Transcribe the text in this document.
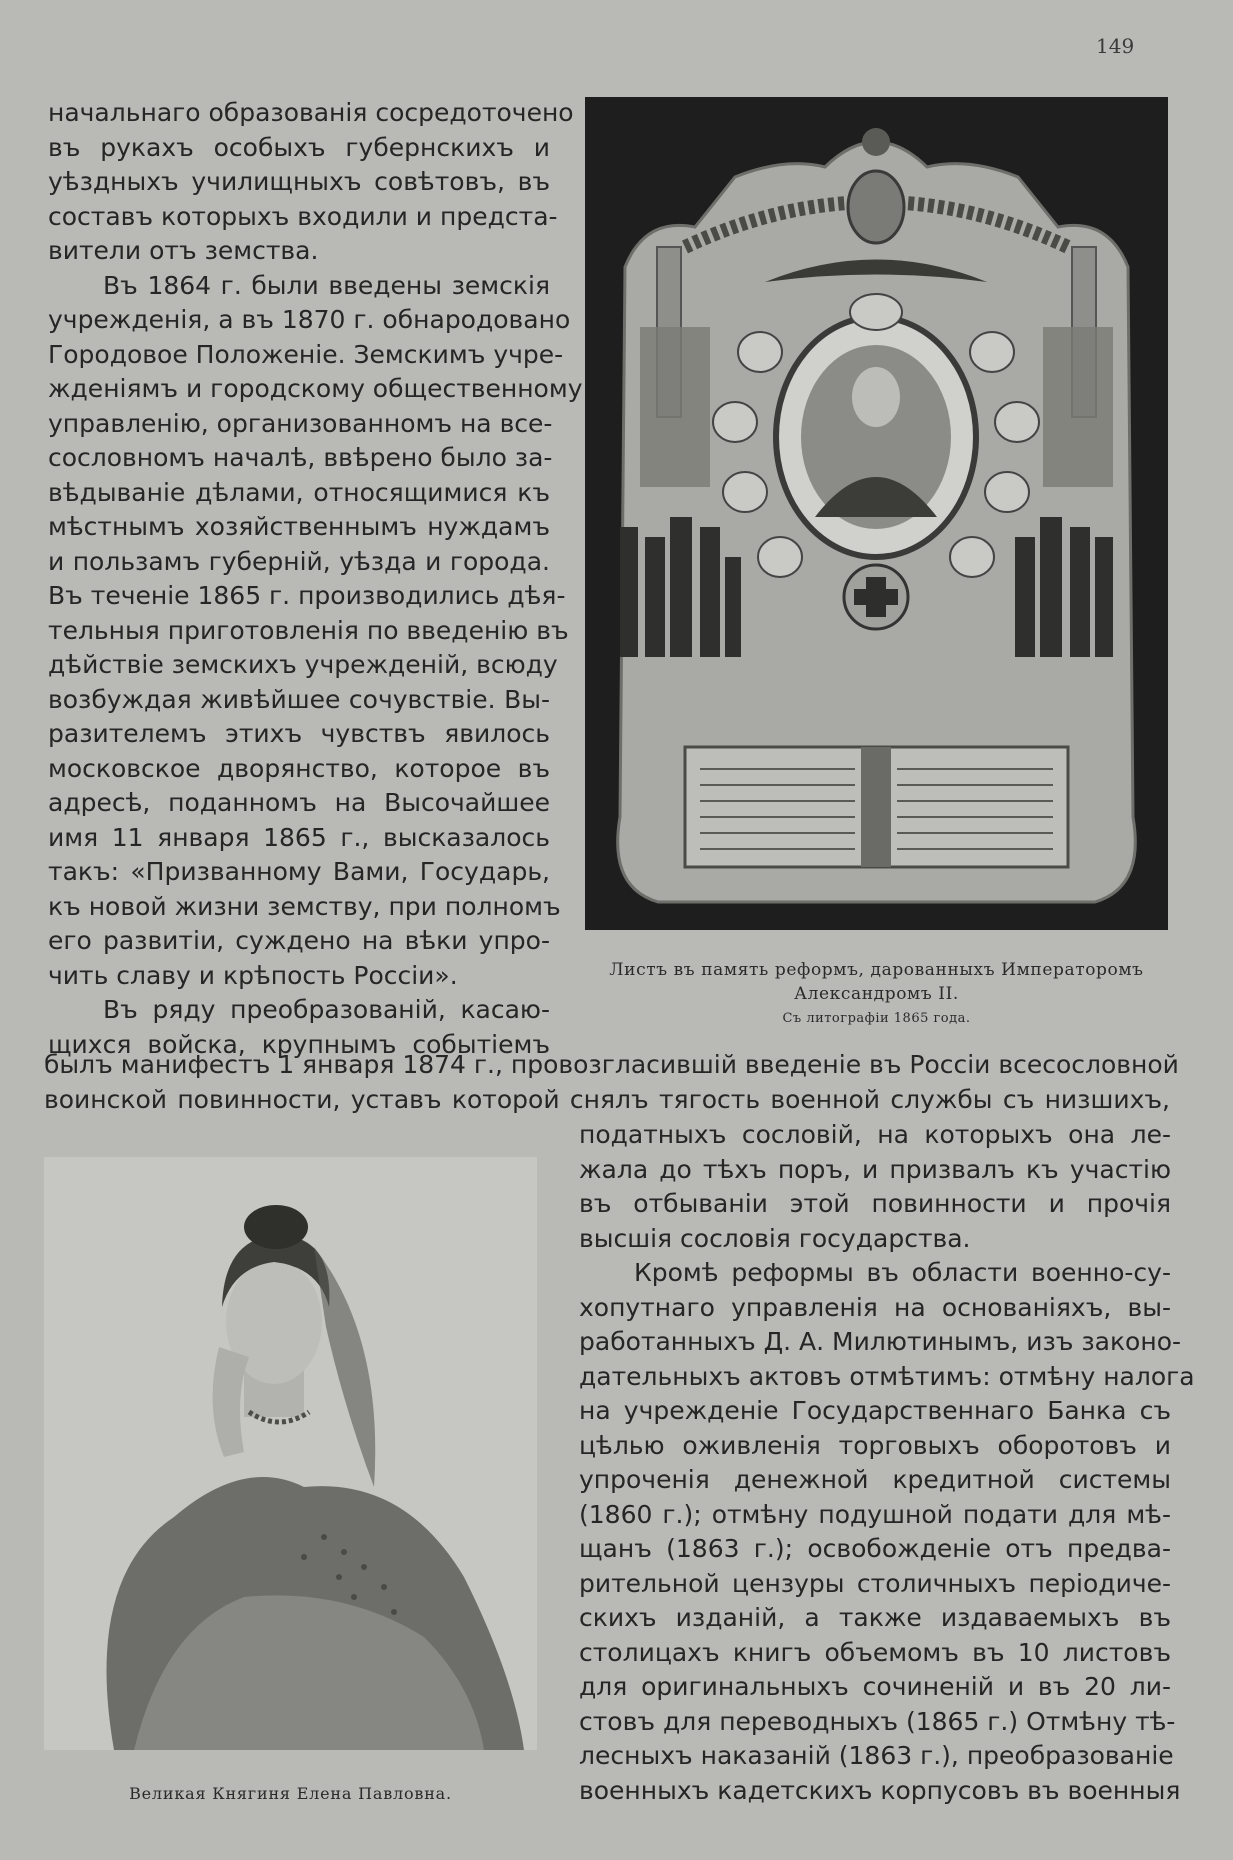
149
начальнаго образованія сосредоточено
въ рукахъ особыхъ губернскихъ и
уѣздныхъ училищныхъ совѣтовъ, въ
составъ которыхъ входили и предста-
вители отъ земства.
Въ 1864 г. были введены земскія
учрежденія, а въ 1870 г. обнародовано
Городовое Положеніе. Земскимъ учре-
жденіямъ и городскому общественному
управленію, организованномъ на все-
сословномъ началѣ, ввѣрено было за-
вѣдываніе дѣлами, относящимися къ
мѣстнымъ хозяйственнымъ нуждамъ
и пользамъ губерній, уѣзда и города.
Въ теченіе 1865 г. производились дѣя-
тельныя приготовленія по введенію въ
дѣйствіе земскихъ учрежденій, всюду
возбуждая живѣйшее сочувствіе. Вы-
разителемъ этихъ чувствъ явилось
московское дворянство, которое въ
адресѣ, поданномъ на Высочайшее
имя 11 января 1865 г., высказалось
такъ: «Призванному Вами, Государь,
къ новой жизни земству, при полномъ
его развитіи, суждено на вѣки упро-
чить славу и крѣпость Россіи».
Въ ряду преобразованій, касаю-
щихся войска, крупнымъ событіемъ
былъ манифестъ 1 января 1874 г., провозгласившій введеніе въ Россіи всесословной
воинской повинности, уставъ которой снялъ тягость военной службы съ низшихъ,
податныхъ сословій, на которыхъ она ле-
жала до тѣхъ поръ, и призвалъ къ участію
въ отбываніи этой повинности и прочія
высшія сословія государства.
Кромѣ реформы въ области военно-су-
хопутнаго управленія на основаніяхъ, вы-
работанныхъ Д. А. Милютинымъ, изъ законо-
дательныхъ актовъ отмѣтимъ: отмѣну налога
на учрежденіе Государственнаго Банка съ
цѣлью оживленія торговыхъ оборотовъ и
упроченія денежной кредитной системы
(1860 г.); отмѣну подушной подати для мѣ-
щанъ (1863 г.); освобожденіе отъ предва-
рительной цензуры столичныхъ періодиче-
скихъ изданій, а также издаваемыхъ въ
столицахъ книгъ объемомъ въ 10 листовъ
для оригинальныхъ сочиненій и въ 20 ли-
стовъ для переводныхъ (1865 г.) Отмѣну тѣ-
лесныхъ наказаній (1863 г.), преобразованіе
военныхъ кадетскихъ корпусовъ въ военныя
Листъ въ память реформъ, дарованныхъ Императоромъ
Александромъ II.
Съ литографіи 1865 года.
Великая Княгиня Елена Павловна.
